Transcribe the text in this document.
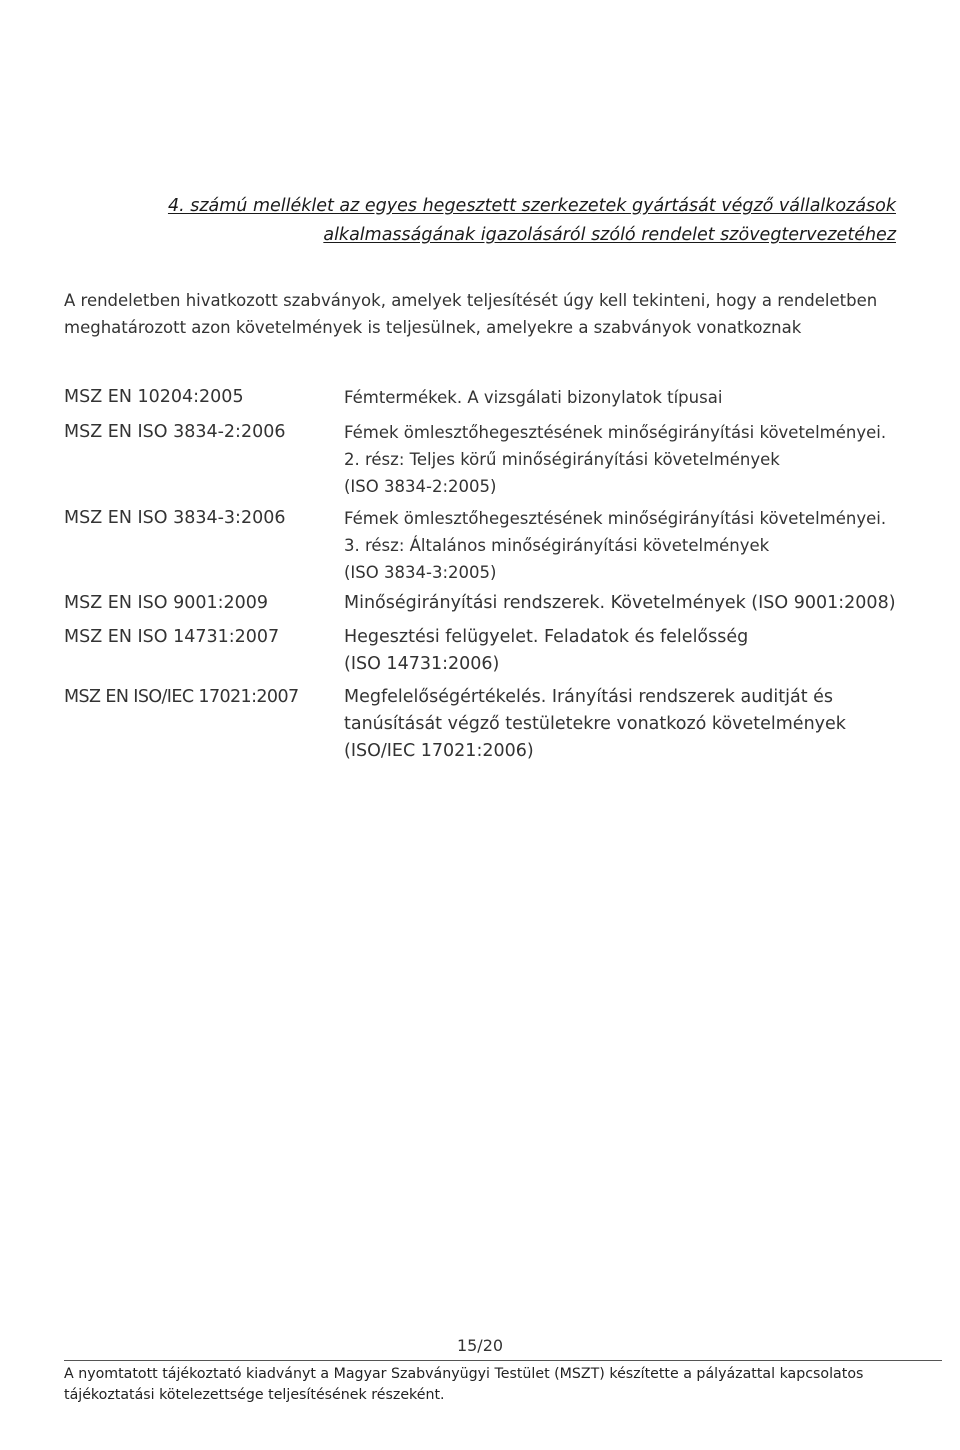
4. számú melléklet az egyes hegesztett szerkezetek gyártását végző vállalkozások
alkalmasságának igazolásáról szóló rendelet szövegtervezetéhez
A rendeletben hivatkozott szabványok, amelyek teljesítését úgy kell tekinteni, hogy a rendeletben meghatározott azon követelmények is teljesülnek, amelyekre a szabványok vonatkoznak
MSZ EN 10204:2005	Fémtermékek. A vizsgálati bizonylatok típusai
MSZ EN ISO 3834-2:2006	Fémek ömlesztőhegesztésének minőségirányítási követelményei.
2. rész: Teljes körű minőségirányítási követelmények
(ISO 3834-2:2005)
MSZ EN ISO 3834-3:2006	Fémek ömlesztőhegesztésének minőségirányítási követelményei.
3. rész: Általános minőségirányítási követelmények
(ISO 3834-3:2005)
MSZ EN ISO 9001:2009	Minőségirányítási rendszerek. Követelmények (ISO 9001:2008)
MSZ EN ISO 14731:2007	Hegesztési felügyelet. Feladatok és felelősség
(ISO 14731:2006)
MSZ EN ISO/IEC 17021:2007	Megfelelőségértékelés. Irányítási rendszerek auditját és
tanúsítását végző testületekre vonatkozó követelmények
(ISO/IEC 17021:2006)
15/20
A nyomtatott tájékoztató kiadványt a Magyar Szabványügyi Testület (MSZT) készítette a pályázattal kapcsolatos tájékoztatási kötelezettsége teljesítésének részeként.
